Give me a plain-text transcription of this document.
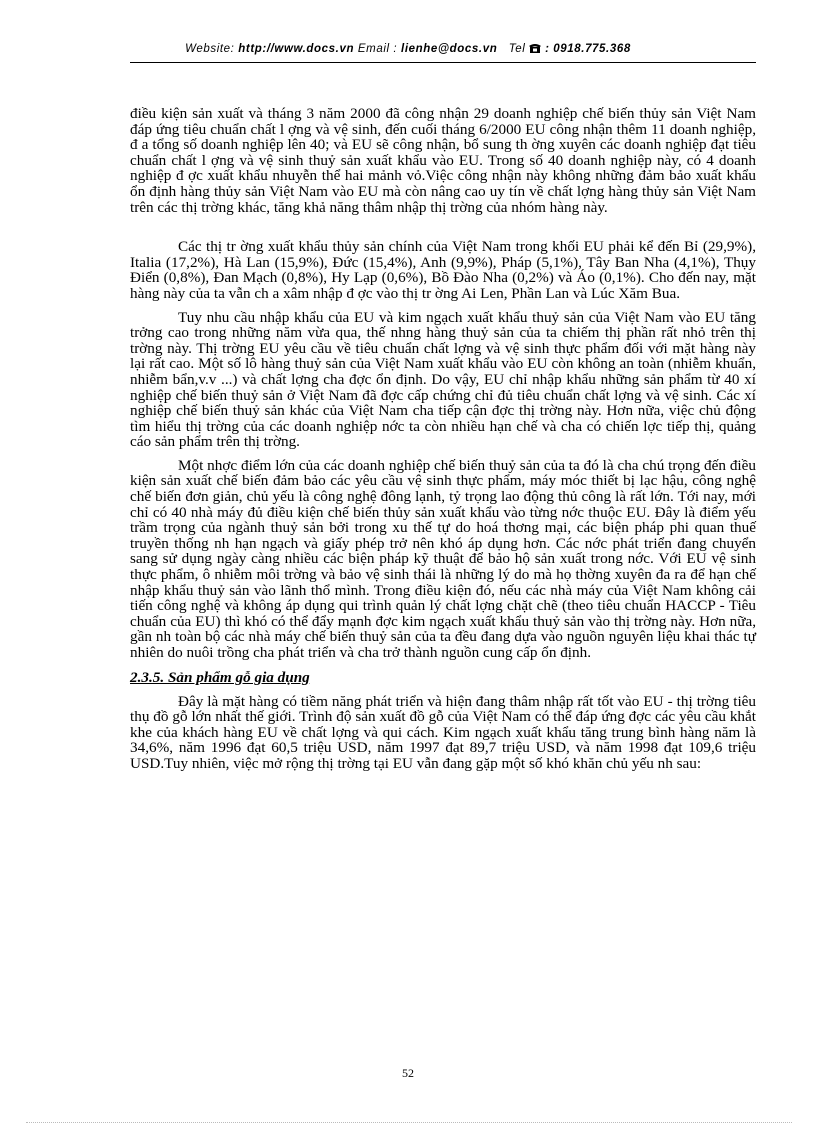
Website: http://www.docs.vn Email : lienhe@docs.vn Tel : 0918.775.368

điều kiện sản xuất và tháng 3 năm 2000 đã công nhận 29 doanh nghiệp chế biến thủy sản Việt Nam đáp ứng tiêu chuẩn chất l ợng và vệ sinh, đến cuối tháng 6/2000 EU công nhận thêm 11 doanh nghiệp, đ a tổng số doanh nghiệp lên 40; và EU sẽ công nhận, bổ sung th ờng xuyên các doanh nghiệp đạt tiêu chuẩn chất l ợng và vệ sinh thuỷ sản xuất khẩu vào EU. Trong số 40 doanh nghiệp này, có 4 doanh nghiệp đ ợc xuất khẩu nhuyễn thể hai mảnh vỏ.Việc công nhận này không những đảm bảo xuất khẩu ổn định hàng thủy sản Việt Nam vào EU mà còn nâng cao uy tín về chất lợng hàng thủy sản Việt Nam trên các thị trờng khác, tăng khả năng thâm nhập thị trờng của nhóm hàng này.

Các thị tr ờng xuất khẩu thủy sản chính của Việt Nam trong khối EU phải kể đến Bỉ (29,9%), Italia (17,2%), Hà Lan (15,9%), Đức (15,4%), Anh (9,9%), Pháp (5,1%), Tây Ban Nha (4,1%), Thụy Điển (0,8%), Đan Mạch (0,8%), Hy Lạp (0,6%), Bồ Đào Nha (0,2%) và Áo (0,1%). Cho đến nay, mặt hàng này của ta vẫn ch a xâm nhập đ ợc vào thị tr ờng Ai Len, Phần Lan và Lúc Xăm Bua.

Tuy nhu cầu nhập khẩu của EU và kim ngạch xuất khẩu thuỷ sản của Việt Nam vào EU tăng trởng cao trong những năm vừa qua, thế nhng hàng thuỷ sản của ta chiếm thị phần rất nhỏ trên thị trờng này. Thị trờng EU yêu cầu về tiêu chuẩn chất lợng và vệ sinh thực phẩm đối với mặt hàng này lại rất cao. Một số lô hàng thuỷ sản của Việt Nam xuất khẩu vào EU còn không an toàn (nhiễm khuẩn, nhiễm bẩn,v.v ...) và chất lợng cha đợc ổn định. Do vậy, EU chỉ nhập khẩu những sản phẩm từ 40 xí nghiệp chế biến thuỷ sản ở Việt Nam đã đợc cấp chứng chỉ đủ tiêu chuẩn chất lợng và vệ sinh. Các xí nghiệp chế biến thuỷ sản khác của Việt Nam cha tiếp cận đợc thị trờng này. Hơn nữa, việc chủ động tìm hiểu thị trờng của các doanh nghiệp nớc ta còn nhiều hạn chế và cha có chiến lợc tiếp thị, quảng cáo sản phẩm trên thị trờng.

Một nhợc điểm lớn của các doanh nghiệp chế biến thuỷ sản của ta đó là cha chú trọng đến điều kiện sản xuất chế biến đảm bảo các yêu cầu vệ sinh thực phẩm, máy móc thiết bị lạc hậu, công nghệ chế biến đơn giản, chủ yếu là công nghệ đông lạnh, tỷ trọng lao động thủ công là rất lớn. Tới nay, mới chỉ có 40 nhà máy đủ điều kiện chế biến thủy sản xuất khẩu vào từng nớc thuộc EU. Đây là điểm yếu trầm trọng của ngành thuỷ sản bởi trong xu thế tự do hoá thơng mại, các biện pháp phi quan thuế truyền thống nh hạn ngạch và giấy phép trở nên khó áp dụng hơn. Các nớc phát triển đang chuyển sang sử dụng ngày càng nhiều các biện pháp kỹ thuật để bảo hộ sản xuất trong nớc. Với EU vệ sinh thực phẩm, ô nhiễm môi trờng và bảo vệ sinh thái là những lý do mà họ thờng xuyên đa ra để hạn chế nhập khẩu thuỷ sản vào lãnh thổ mình. Trong điều kiện đó, nếu các nhà máy của Việt Nam không cải tiến công nghệ và không áp dụng qui trình quản lý chất lợng chặt chẽ (theo tiêu chuẩn HACCP - Tiêu chuẩn của EU) thì khó có thể đẩy mạnh đợc kim ngạch xuất khẩu thuỷ sản vào thị trờng này. Hơn nữa, gần nh toàn bộ các nhà máy chế biến thuỷ sản của ta đều đang dựa vào nguồn nguyên liệu khai thác tự nhiên do nuôi trồng cha phát triển và cha trở thành nguồn cung cấp ổn định.

2.3.5. Sản phẩm gỗ gia dụng

Đây là mặt hàng có tiềm năng phát triển và hiện đang thâm nhập rất tốt vào EU - thị trờng tiêu thụ đồ gỗ lớn nhất thế giới. Trình độ sản xuất đồ gỗ của Việt Nam có thể đáp ứng đợc các yêu cầu khắt khe của khách hàng EU về chất lợng và qui cách. Kim ngạch xuất khẩu tăng trung bình hàng năm là 34,6%, năm 1996 đạt 60,5 triệu USD, năm 1997 đạt 89,7 triệu USD, và năm 1998 đạt 109,6 triệu USD.Tuy nhiên, việc mở rộng thị trờng tại EU vẫn đang gặp một số khó khăn chủ yếu nh sau:

52
